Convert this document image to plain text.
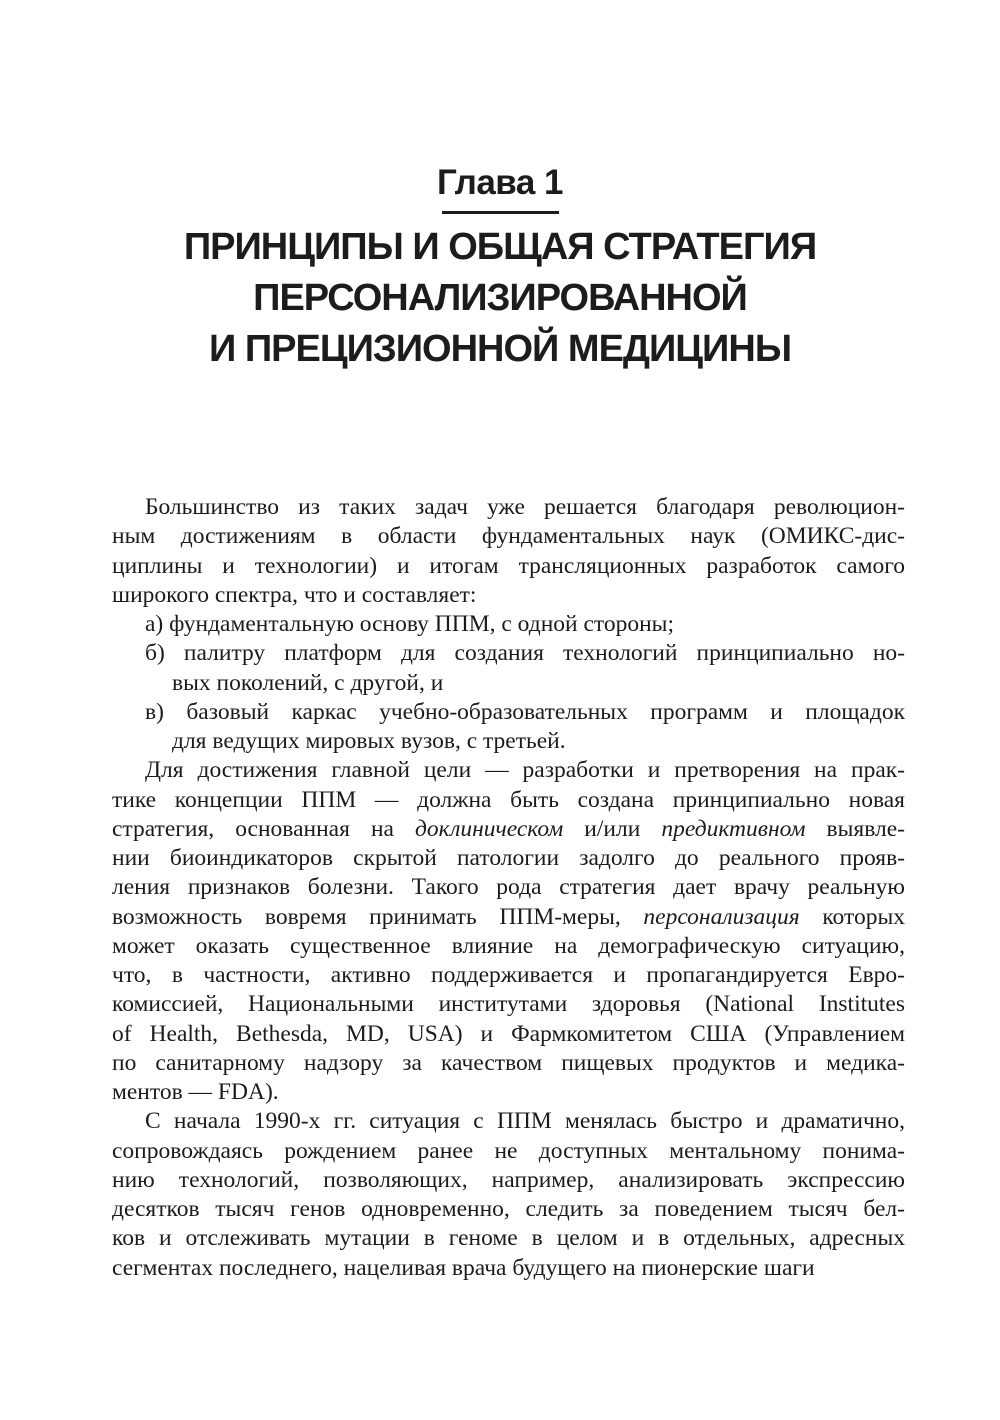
Глава 1
ПРИНЦИПЫ И ОБЩАЯ СТРАТЕГИЯ
ПЕРСОНАЛИЗИРОВАННОЙ
И ПРЕЦИЗИОННОЙ МЕДИЦИНЫ
Большинство из таких задач уже решается благодаря революцион-
ным достижениям в области фундаментальных наук (ОМИКС-дис-
циплины и технологии) и итогам трансляционных разработок самого
широкого спектра, что и составляет:
а) фундаментальную основу ППМ, с одной стороны;
б) палитру платформ для создания технологий принципиально но-
вых поколений, с другой, и
в) базовый каркас учебно-образовательных программ и площадок
для ведущих мировых вузов, с третьей.
Для достижения главной цели — разработки и претворения на прак-
тике концепции ППМ — должна быть создана принципиально новая
стратегия, основанная на доклиническом и/или предиктивном выявле-
нии биоиндикаторов скрытой патологии задолго до реального прояв-
ления признаков болезни. Такого рода стратегия дает врачу реальную
возможность вовремя принимать ППМ-меры, персонализация которых
может оказать существенное влияние на демографическую ситуацию,
что, в частности, активно поддерживается и пропагандируется Евро-
комиссией, Национальными институтами здоровья (National Institutes
of Health, Bethesda, MD, USA) и Фармкомитетом США (Управлением
по санитарному надзору за качеством пищевых продуктов и медика-
ментов — FDA).
С начала 1990-х гг. ситуация с ППМ менялась быстро и драматично,
сопровождаясь рождением ранее не доступных ментальному понима-
нию технологий, позволяющих, например, анализировать экспрессию
десятков тысяч генов одновременно, следить за поведением тысяч бел-
ков и отслеживать мутации в геноме в целом и в отдельных, адресных
сегментах последнего, нацеливая врача будущего на пионерские шаги
